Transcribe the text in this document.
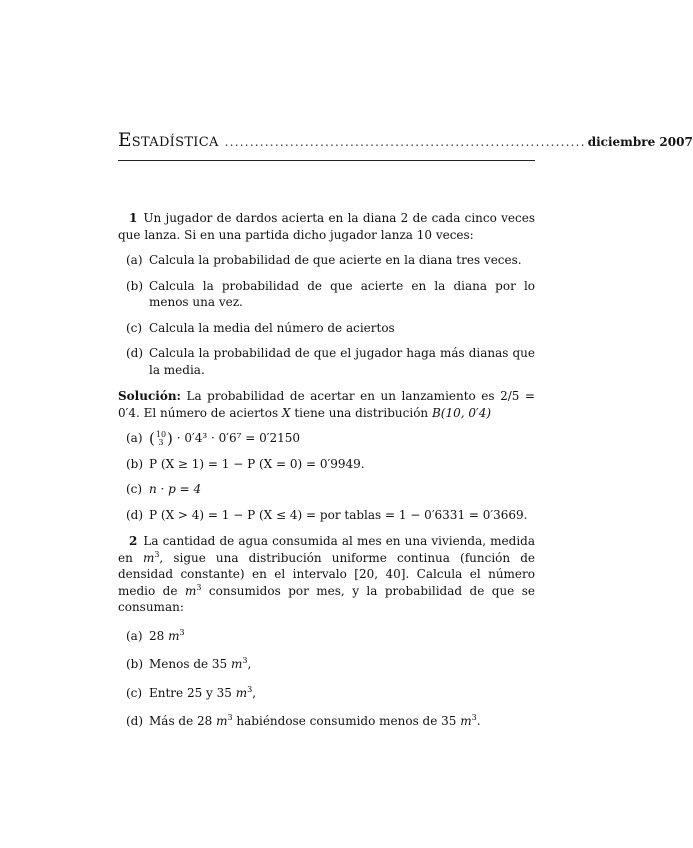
Estadística ........................................................................ diciembre 2007

1 Un jugador de dardos acierta en la diana 2 de cada cinco veces que lanza. Si en una partida dicho jugador lanza 10 veces:

(a) Calcula la probabilidad de que acierte en la diana tres veces.
(b) Calcula la probabilidad de que acierte en la diana por lo menos una vez.
(c) Calcula la media del número de aciertos
(d) Calcula la probabilidad de que el jugador haga más dianas que la media.

Solución: La probabilidad de acertar en un lanzamiento es 2/5 = 0′4. El número de aciertos X tiene una distribución B(10, 0′4)

(a) (10
3 ) · 0′4³ · 0′6⁷ = 0′2150
(b) P (X ≥ 1) = 1 − P (X = 0) = 0′9949.
(c) n · p = 4
(d) P (X > 4) = 1 − P (X ≤ 4) = por tablas = 1 − 0′6331 = 0′3669.

2 La cantidad de agua consumida al mes en una vivienda, medida en $m^3$, sigue una distribución uniforme continua (función de densidad constante) en el intervalo [20, 40]. Calcula el número medio de $m^3$ consumidos por mes, y la probabilidad de que se consuman:

(a) 28 $m^3$
(b) Menos de 35 $m^3$,
(c) Entre 25 y 35 $m^3$,
(d) Más de 28 $m^3$ habiéndose consumido menos de 35 $m^3$.
